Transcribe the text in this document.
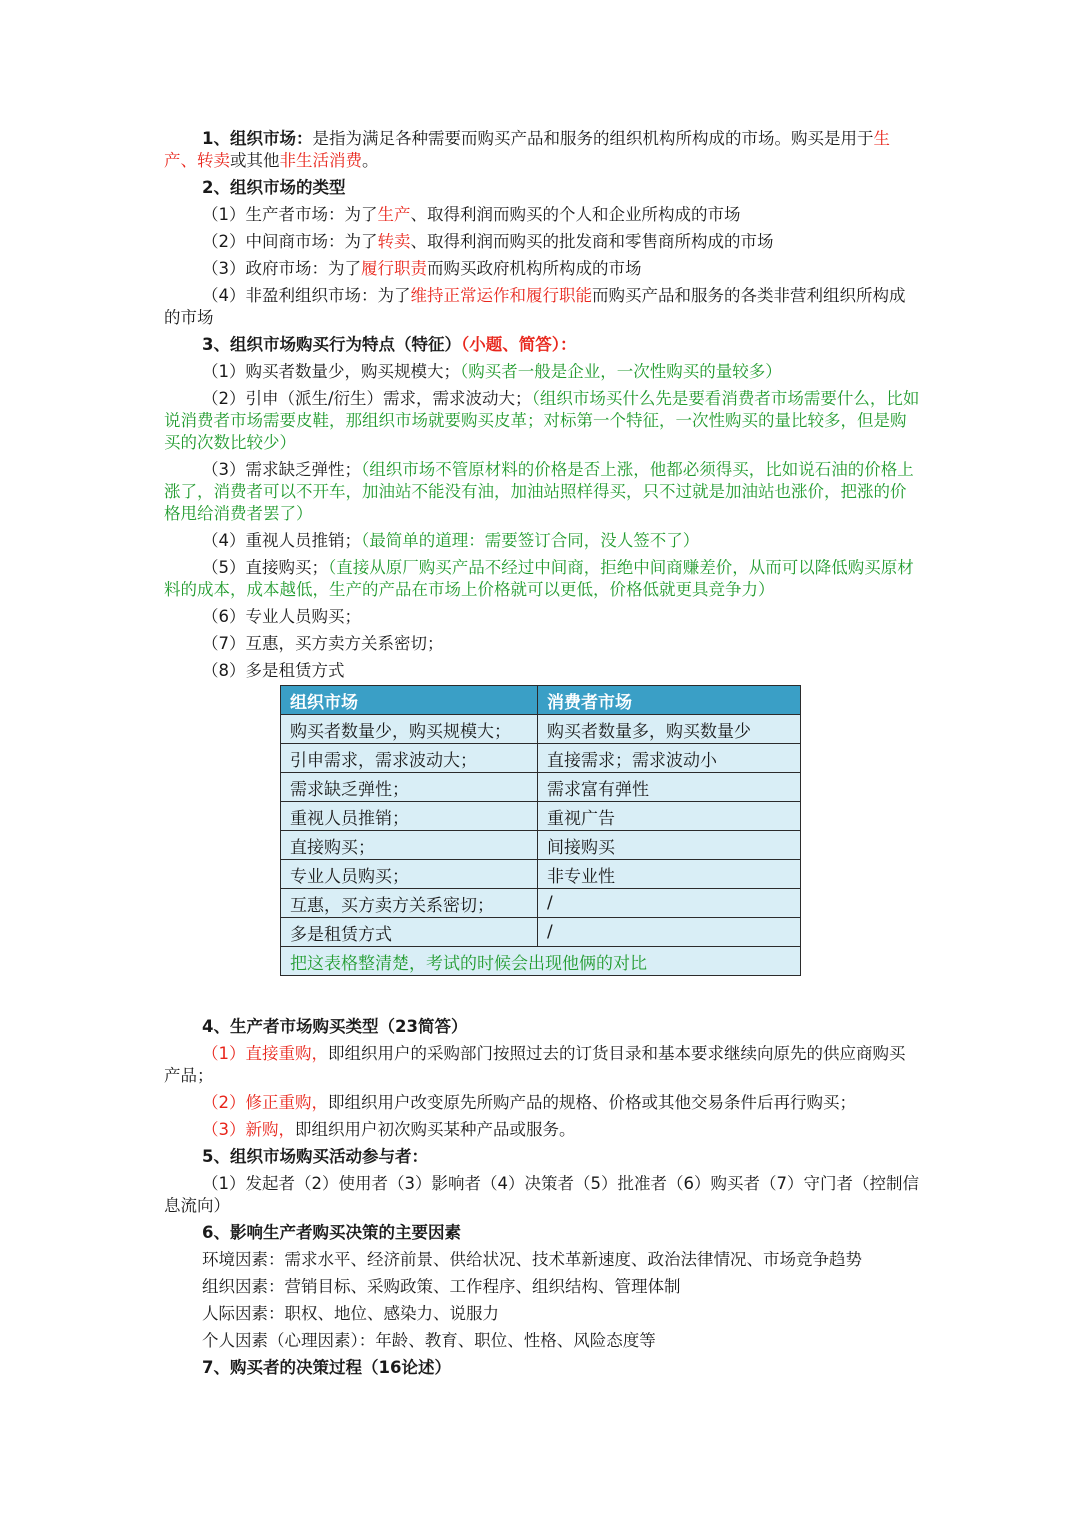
1、组织市场：是指为满足各种需要而购买产品和服务的组织机构所构成的市场。购买是用于生产、转卖或其他非生活消费。

2、组织市场的类型

（1）生产者市场：为了生产、取得利润而购买的个人和企业所构成的市场

（2）中间商市场：为了转卖、取得利润而购买的批发商和零售商所构成的市场

（3）政府市场：为了履行职责而购买政府机构所构成的市场

（4）非盈利组织市场：为了维持正常运作和履行职能而购买产品和服务的各类非营利组织所构成的市场

3、组织市场购买行为特点（特征）（小题、简答）：

（1）购买者数量少，购买规模大；（购买者一般是企业，一次性购买的量较多）

（2）引申（派生/衍生）需求，需求波动大；（组织市场买什么先是要看消费者市场需要什么，比如说消费者市场需要皮鞋，那组织市场就要购买皮革；对标第一个特征，一次性购买的量比较多，但是购买的次数比较少）

（3）需求缺乏弹性；（组织市场不管原材料的价格是否上涨，他都必须得买，比如说石油的价格上涨了，消费者可以不开车，加油站不能没有油，加油站照样得买，只不过就是加油站也涨价，把涨的价格甩给消费者罢了）

（4）重视人员推销；（最简单的道理：需要签订合同，没人签不了）

（5）直接购买；（直接从原厂购买产品不经过中间商，拒绝中间商赚差价，从而可以降低购买原材料的成本，成本越低，生产的产品在市场上价格就可以更低，价格低就更具竞争力）

（6）专业人员购买；

（7）互惠，买方卖方关系密切；

（8）多是租赁方式

组织市场	消费者市场
购买者数量少，购买规模大；	购买者数量多，购买数量少
引申需求，需求波动大；	直接需求；需求波动小
需求缺乏弹性；	需求富有弹性
重视人员推销；	重视广告
直接购买；	间接购买
专业人员购买；	非专业性
互惠，买方卖方关系密切；	/
多是租赁方式	/
把这表格整清楚，考试的时候会出现他俩的对比	

4、生产者市场购买类型（23简答）

（1）直接重购，即组织用户的采购部门按照过去的订货目录和基本要求继续向原先的供应商购买产品；

（2）修正重购，即组织用户改变原先所购产品的规格、价格或其他交易条件后再行购买；

（3）新购，即组织用户初次购买某种产品或服务。

5、组织市场购买活动参与者：

（1）发起者（2）使用者（3）影响者（4）决策者（5）批准者（6）购买者（7）守门者（控制信息流向）

6、影响生产者购买决策的主要因素

环境因素：需求水平、经济前景、供给状况、技术革新速度、政治法律情况、市场竞争趋势

组织因素：营销目标、采购政策、工作程序、组织结构、管理体制

人际因素：职权、地位、感染力、说服力

个人因素（心理因素）：年龄、教育、职位、性格、风险态度等

7、购买者的决策过程（16论述）
